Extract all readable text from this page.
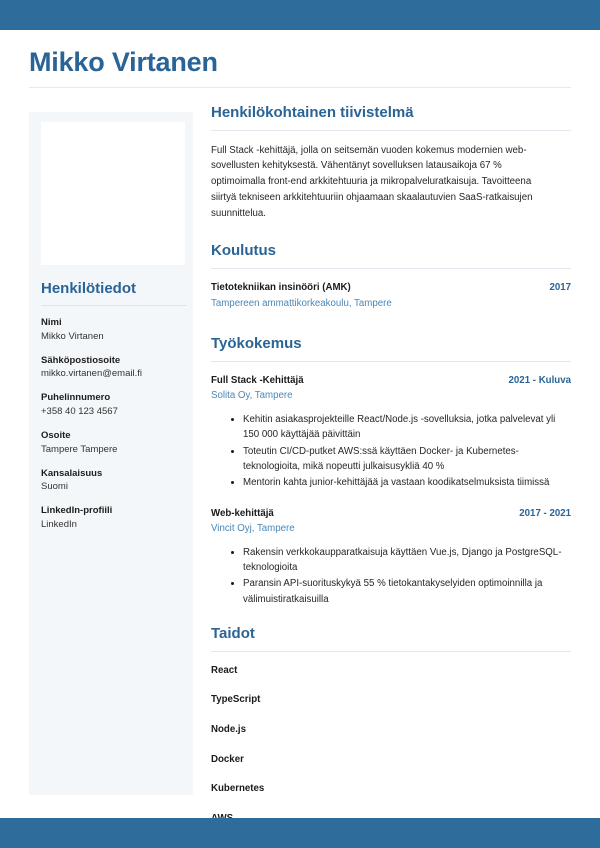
Mikko Virtanen
Henkilötiedot
Nimi
Mikko Virtanen
Sähköpostiosoite
mikko.virtanen@email.fi
Puhelinnumero
+358 40 123 4567
Osoite
Tampere Tampere
Kansalaisuus
Suomi
LinkedIn-profiili
LinkedIn
Henkilökohtainen tiivistelmä

Full Stack -kehittäjä, jolla on seitsemän vuoden kokemus modernien web-sovellusten kehityksestä. Vähentänyt sovelluksen latausaikoja 67 % optimoimalla front-end arkkitehtuuria ja mikropalveluratkaisuja. Tavoitteena siirtyä tekniseen arkkitehtuuriin ohjaamaan skaalautuvien SaaS-ratkaisujen suunnittelua.

Koulutus
Tietotekniikan insinööri (AMK)	2017
Tampereen ammattikorkeakoulu, Tampere
Työkokemus
Full Stack -Kehittäjä	2021 - Kuluva
Solita Oy, Tampere
Kehitin asiakasprojekteille React/Node.js -sovelluksia, jotka palvelevat yli 150 000 käyttäjää päivittäin
Toteutin CI/CD-putket AWS:ssä käyttäen Docker- ja Kubernetes-teknologioita, mikä nopeutti julkaisusykliä 40 %
Mentorin kahta junior-kehittäjää ja vastaan koodikatselmuksista tiimissä
Web-kehittäjä	2017 - 2021
Vincit Oyj, Tampere
Rakensin verkkokaupparatkaisuja käyttäen Vue.js, Django ja PostgreSQL-teknologioita
Paransin API-suorituskykyä 55 % tietokantakyselyiden optimoinnilla ja välimuistiratkaisuilla
Taidot
React
TypeScript
Node.js
Docker
Kubernetes
